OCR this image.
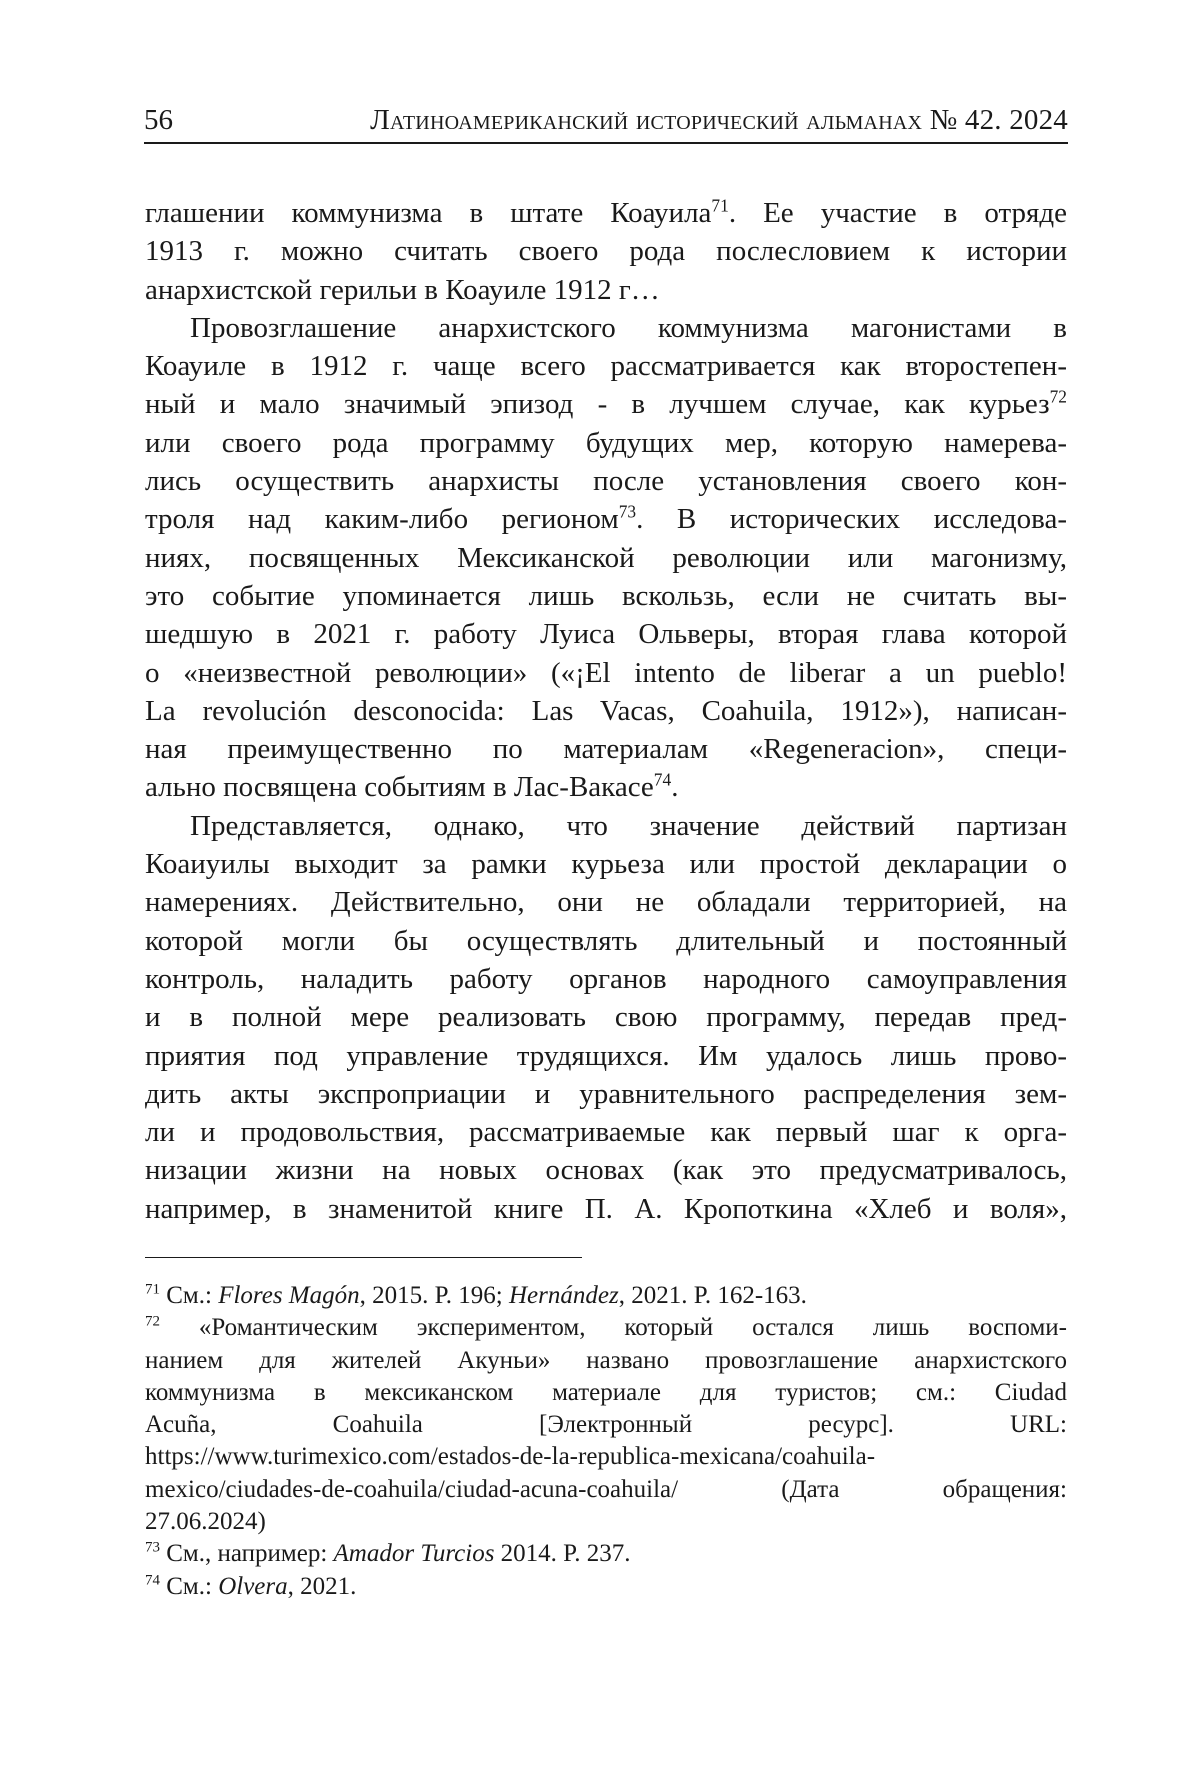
56	Латиноамериканский исторический альманах № 42. 2024
глашении коммунизма в штате Коауила$^{71}$. Ее участие в отряде
1913 г. можно считать своего рода послесловием к истории
анархистской герильи в Коауиле 1912 г…
Провозглашение анархистского коммунизма магонистами в
Коауиле в 1912 г. чаще всего рассматривается как второстепен-
ный и мало значимый эпизод - в лучшем случае, как курьез$^{72}$
или своего рода программу будущих мер, которую намерева-
лись осуществить анархисты после установления своего кон-
троля над каким-либо регионом$^{73}$. В исторических исследова-
ниях, посвященных Мексиканской революции или магонизму,
это событие упоминается лишь вскользь, если не считать вы-
шедшую в 2021 г. работу Луиса Ольверы, вторая глава которой
о «неизвестной революции» («¡El intento de liberar a un pueblo!
La revolución desconocida: Las Vacas, Coahuila, 1912»), написан-
ная преимущественно по материалам «Regeneracion», специ-
ально посвящена событиям в Лас-Вакасе$^{74}$.
Представляется, однако, что значение действий партизан
Коаиуилы выходит за рамки курьеза или простой декларации о
намерениях. Действительно, они не обладали территорией, на
которой могли бы осуществлять длительный и постоянный
контроль, наладить работу органов народного самоуправления
и в полной мере реализовать свою программу, передав пред-
приятия под управление трудящихся. Им удалось лишь прово-
дить акты экспроприации и уравнительного распределения зем-
ли и продовольствия, рассматриваемые как первый шаг к орга-
низации жизни на новых основах (как это предусматривалось,
например, в знаменитой книге П. А. Кропоткина «Хлеб и воля»,
$^{71}$ См.: Flores Magón, 2015. P. 196; Hernández, 2021. P. 162-163.
$^{72}$ «Романтическим экспериментом, который остался лишь воспоми-
нанием для жителей Акуньи» названо провозглашение анархистского
коммунизма в мексиканском материале для туристов; см.: Ciudad
Acuña, Coahuila [Электронный ресурс]. URL:
https://www.turimexico.com/estados-de-la-republica-mexicana/coahuila-
mexico/ciudades-de-coahuila/ciudad-acuna-coahuila/ (Дата обращения:
27.06.2024)
$^{73}$ См., например: Amador Turcios 2014. P. 237.
$^{74}$ См.: Olvera, 2021.
